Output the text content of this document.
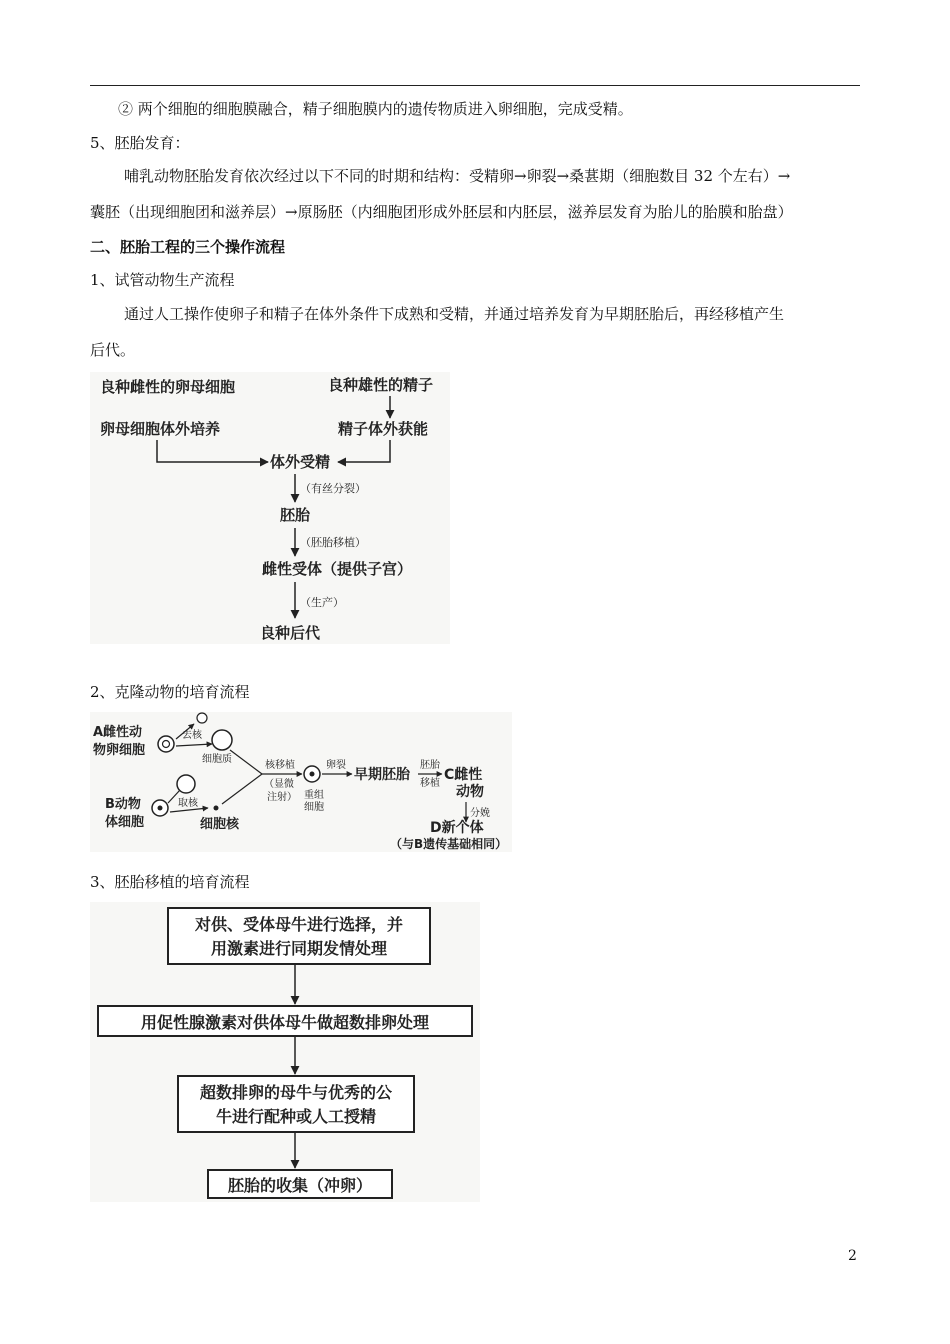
② 两个细胞的细胞膜融合，精子细胞膜内的遗传物质进入卵细胞，完成受精。
5、胚胎发育：
哺乳动物胚胎发育依次经过以下不同的时期和结构：受精卵→卵裂→桑葚期（细胞数目 32 个左右）→
囊胚（出现细胞团和滋养层）→原肠胚（内细胞团形成外胚层和内胚层，滋养层发育为胎儿的胎膜和胎盘）
二、胚胎工程的三个操作流程
1、试管动物生产流程
通过人工操作使卵子和精子在体外条件下成熟和受精，并通过培养发育为早期胚胎后，再经移植产生
后代。
良种雌性的卵母细胞	良种雄性的精子
卵母细胞体外培养	精子体外获能
体外受精
（有丝分裂）
胚胎
（胚胎移植）
雌性受体（提供子宫）
（生产）
良种后代
2、克隆动物的培育流程
A雌性动
物卵细胞
去核
细胞质
B动物
体细胞
取核
细胞核
核移植
（显微
注射） 重组
细胞
卵裂
早期胚胎
胚胎
移植
C雌性
动物
分娩
D新个体
（与B遗传基础相同）
3、胚胎移植的培育流程
对供、受体母牛进行选择，并
用激素进行同期发情处理
用促性腺激素对供体母牛做超数排卵处理
超数排卵的母牛与优秀的公
牛进行配种或人工授精
胚胎的收集（冲卵）
2
